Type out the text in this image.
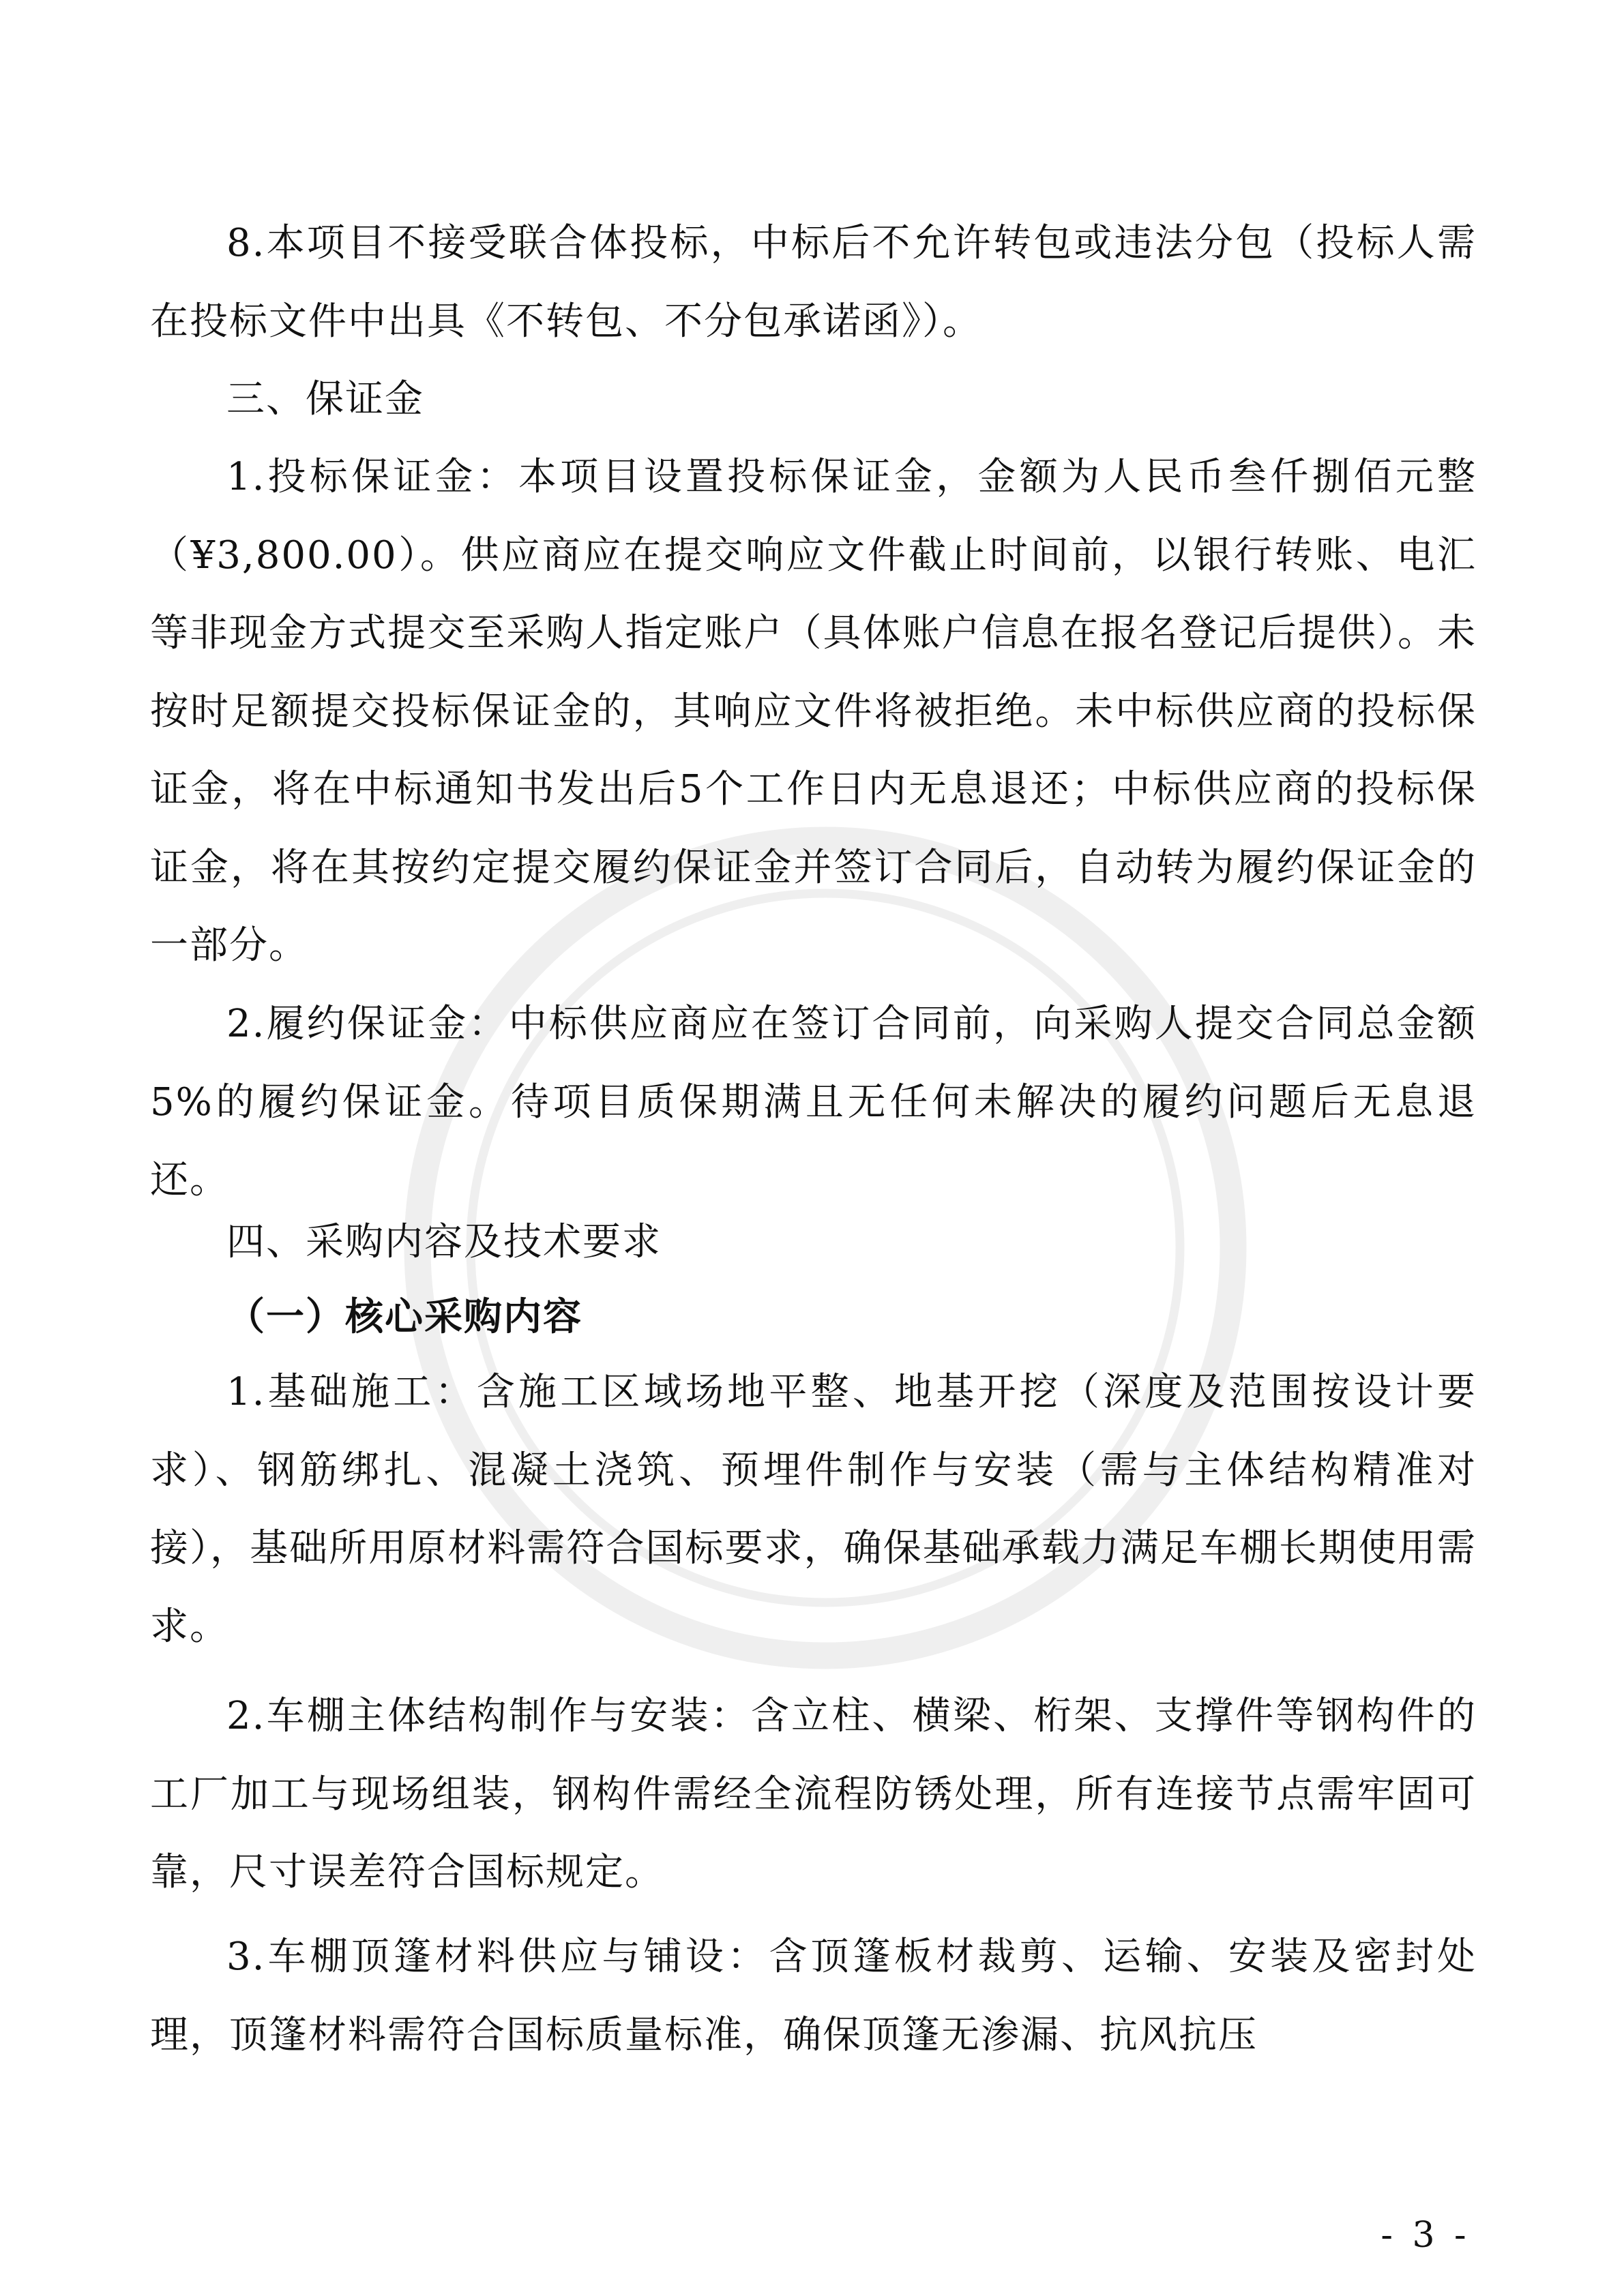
8.本项目不接受联合体投标，中标后不允许转包或违法分包（投标人需在投标文件中出具《不转包、不分包承诺函》）。

三、保证金

1.投标保证金：本项目设置投标保证金，金额为人民币叁仟捌佰元整（¥3,800.00）。供应商应在提交响应文件截止时间前，以银行转账、电汇等非现金方式提交至采购人指定账户（具体账户信息在报名登记后提供）。未按时足额提交投标保证金的，其响应文件将被拒绝。未中标供应商的投标保证金，将在中标通知书发出后5个工作日内无息退还；中标供应商的投标保证金，将在其按约定提交履约保证金并签订合同后，自动转为履约保证金的一部分。

2.履约保证金：中标供应商应在签订合同前，向采购人提交合同总金额5%的履约保证金。待项目质保期满且无任何未解决的履约问题后无息退还。

四、采购内容及技术要求

（一）核心采购内容

1.基础施工：含施工区域场地平整、地基开挖（深度及范围按设计要求）、钢筋绑扎、混凝土浇筑、预埋件制作与安装（需与主体结构精准对接），基础所用原材料需符合国标要求，确保基础承载力满足车棚长期使用需求。

2.车棚主体结构制作与安装：含立柱、横梁、桁架、支撑件等钢构件的工厂加工与现场组装，钢构件需经全流程防锈处理，所有连接节点需牢固可靠，尺寸误差符合国标规定。

3.车棚顶篷材料供应与铺设：含顶篷板材裁剪、运输、安装及密封处理，顶篷材料需符合国标质量标准，确保顶篷无渗漏、抗风抗压

- 3 -
